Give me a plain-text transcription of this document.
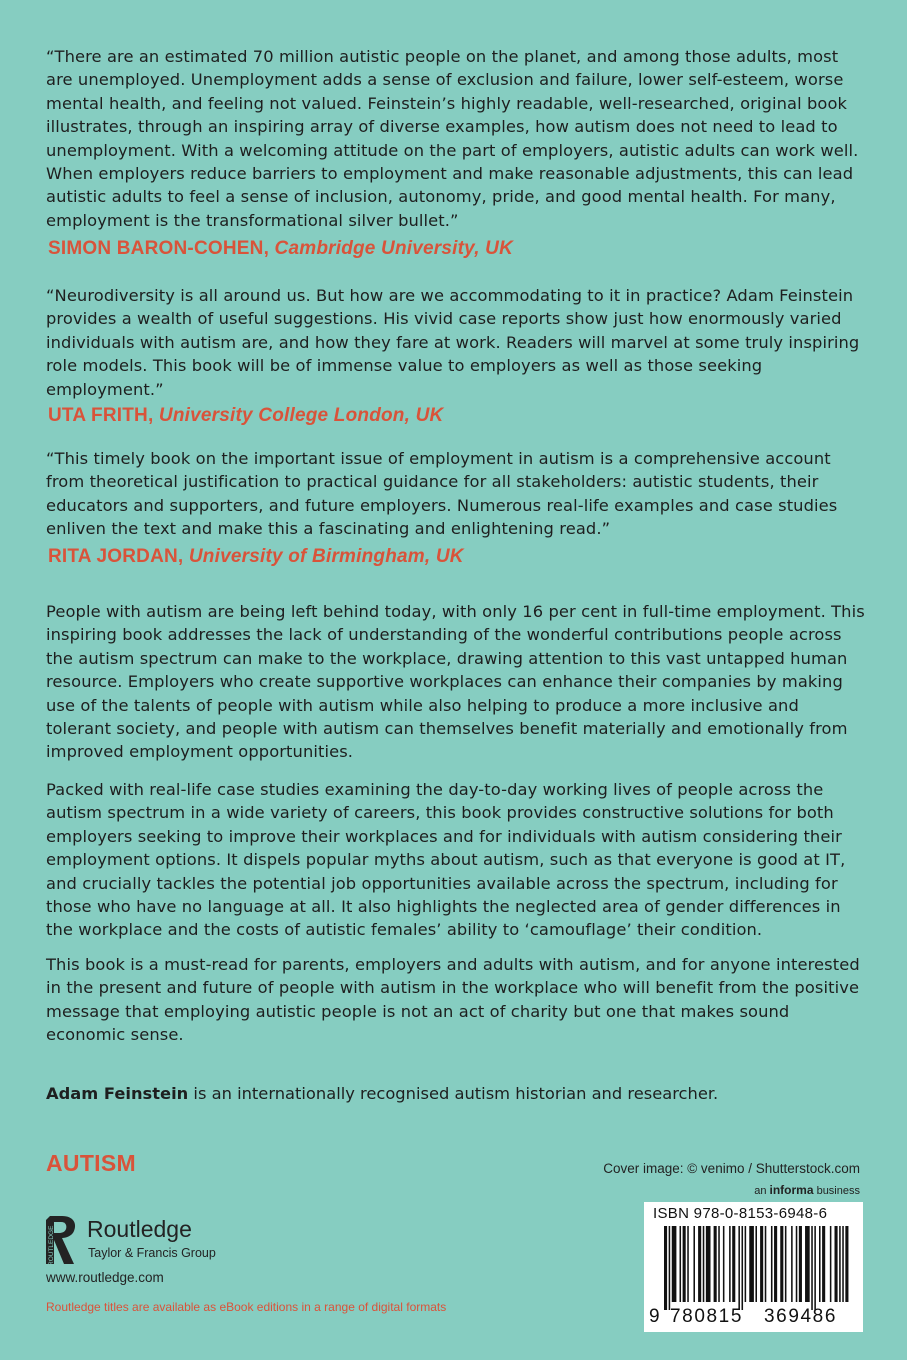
“There are an estimated 70 million autistic people on the planet, and among those adults, most are unemployed. Unemployment adds a sense of exclusion and failure, lower self-esteem, worse mental health, and feeling not valued. Feinstein’s highly readable, well-researched, original book illustrates, through an inspiring array of diverse examples, how autism does not need to lead to unemployment. With a welcoming attitude on the part of employers, autistic adults can work well. When employers reduce barriers to employment and make reasonable adjustments, this can lead autistic adults to feel a sense of inclusion, autonomy, pride, and good mental health. For many, employment is the transformational silver bullet.”

SIMON BARON-COHEN, Cambridge University, UK

“Neurodiversity is all around us. But how are we accommodating to it in practice? Adam Feinstein provides a wealth of useful suggestions. His vivid case reports show just how enormously varied individuals with autism are, and how they fare at work. Readers will marvel at some truly inspiring role models. This book will be of immense value to employers as well as those seeking employment.”

UTA FRITH, University College London, UK

“This timely book on the important issue of employment in autism is a comprehensive account from theoretical justification to practical guidance for all stakeholders: autistic students, their educators and supporters, and future employers. Numerous real-life examples and case studies enliven the text and make this a fascinating and enlightening read.”

RITA JORDAN, University of Birmingham, UK

People with autism are being left behind today, with only 16 per cent in full-time employment. This inspiring book addresses the lack of understanding of the wonderful contributions people across the autism spectrum can make to the workplace, drawing attention to this vast untapped human resource. Employers who create supportive workplaces can enhance their companies by making use of the talents of people with autism while also helping to produce a more inclusive and tolerant society, and people with autism can themselves benefit materially and emotionally from improved employment opportunities.

Packed with real-life case studies examining the day-to-day working lives of people across the autism spectrum in a wide variety of careers, this book provides constructive solutions for both employers seeking to improve their workplaces and for individuals with autism considering their employment options. It dispels popular myths about autism, such as that everyone is good at IT, and crucially tackles the potential job opportunities available across the spectrum, including for those who have no language at all. It also highlights the neglected area of gender differences in the workplace and the costs of autistic females’ ability to ‘camouflage’ their condition.

This book is a must-read for parents, employers and adults with autism, and for anyone interested in the present and future of people with autism in the workplace who will benefit from the positive message that employing autistic people is not an act of charity but one that makes sound economic sense.

Adam Feinstein is an internationally recognised autism historian and researcher.

AUTISM
ROUTLEDGE Routledge
Taylor & Francis Group
www.routledge.com
Routledge titles are available as eBook editions in a range of digital formats
Cover image: © venimo / Shutterstock.com
an informa business
ISBN 978-0-8153-6948-6
9 780815 369486
